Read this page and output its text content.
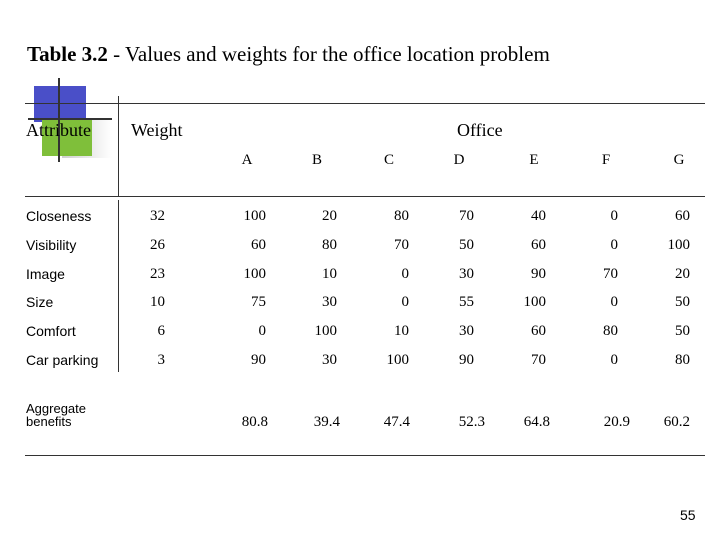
Table 3.2 - Values and weights for the office location problem
Attribute Weight	Office
A	B	C	D	E	F	G
Closeness	32	100	20	80	70	40	0	60
Visibility	26	60	80	70	50	60	0	100
Image	23	100	10	0	30	90	70	20
Size	10	75	30	0	55	100	0	50
Comfort	6	0	100	10	30	60	80	50
Car parking	3	90	30	100	90	70	0	80
Aggregate
benefits	80.8	39.4	47.4	52.3	64.8	20.9	60.2
55
